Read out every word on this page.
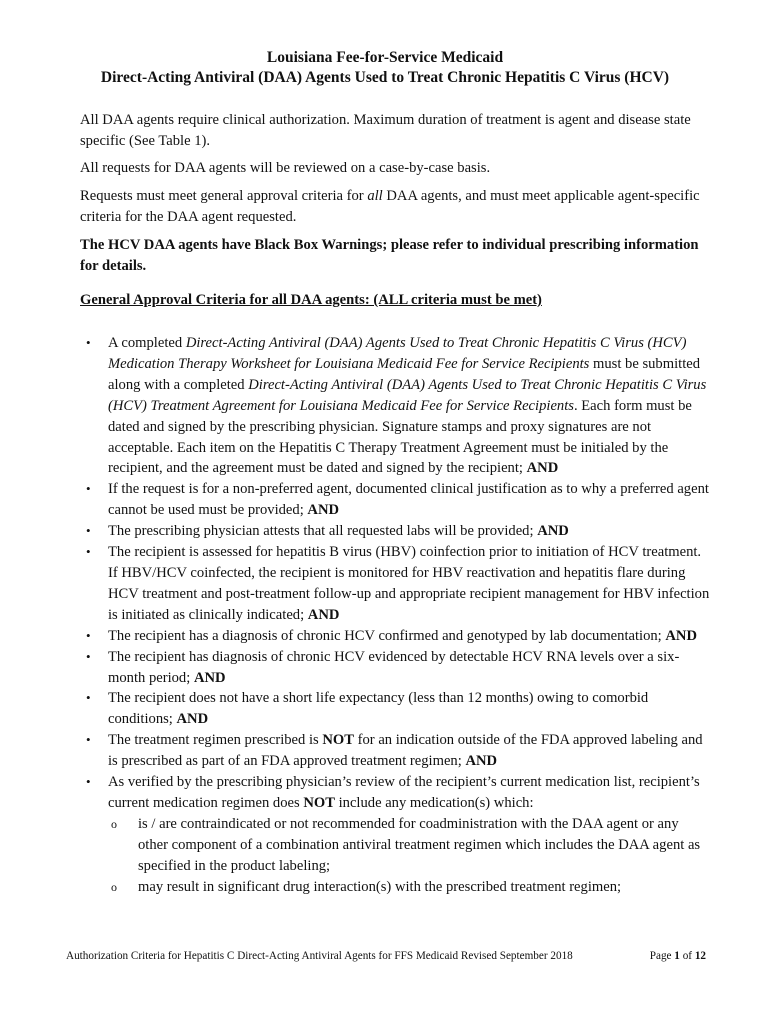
Louisiana Fee-for-Service Medicaid
Direct-Acting Antiviral (DAA) Agents Used to Treat Chronic Hepatitis C Virus (HCV)

All DAA agents require clinical authorization. Maximum duration of treatment is agent and disease state specific (See Table 1).

All requests for DAA agents will be reviewed on a case-by-case basis.

Requests must meet general approval criteria for all DAA agents, and must meet applicable agent-specific criteria for the DAA agent requested.

The HCV DAA agents have Black Box Warnings; please refer to individual prescribing information for details.

General Approval Criteria for all DAA agents: (ALL criteria must be met)
• A completed Direct-Acting Antiviral (DAA) Agents Used to Treat Chronic Hepatitis C Virus (HCV) Medication Therapy Worksheet for Louisiana Medicaid Fee for Service Recipients must be submitted along with a completed Direct-Acting Antiviral (DAA) Agents Used to Treat Chronic Hepatitis C Virus (HCV) Treatment Agreement for Louisiana Medicaid Fee for Service Recipients. Each form must be dated and signed by the prescribing physician. Signature stamps and proxy signatures are not acceptable. Each item on the Hepatitis C Therapy Treatment Agreement must be initialed by the recipient, and the agreement must be dated and signed by the recipient; AND
• If the request is for a non-preferred agent, documented clinical justification as to why a preferred agent cannot be used must be provided; AND
• The prescribing physician attests that all requested labs will be provided; AND
• The recipient is assessed for hepatitis B virus (HBV) coinfection prior to initiation of HCV treatment. If HBV/HCV coinfected, the recipient is monitored for HBV reactivation and hepatitis flare during HCV treatment and post-treatment follow-up and appropriate recipient management for HBV infection is initiated as clinically indicated; AND
• The recipient has a diagnosis of chronic HCV confirmed and genotyped by lab documentation; AND
• The recipient has diagnosis of chronic HCV evidenced by detectable HCV RNA levels over a six-month period; AND
• The recipient does not have a short life expectancy (less than 12 months) owing to comorbid conditions; AND
• The treatment regimen prescribed is NOT for an indication outside of the FDA approved labeling and is prescribed as part of an FDA approved treatment regimen; AND
• As verified by the prescribing physician’s review of the recipient’s current medication list, recipient’s current medication regimen does NOT include any medication(s) which:
o is / are contraindicated or not recommended for coadministration with the DAA agent or any other component of a combination antiviral treatment regimen which includes the DAA agent as specified in the product labeling;
o may result in significant drug interaction(s) with the prescribed treatment regimen;
Authorization Criteria for Hepatitis C Direct-Acting Antiviral Agents for FFS Medicaid Revised September 2018	Page 1 of 12
